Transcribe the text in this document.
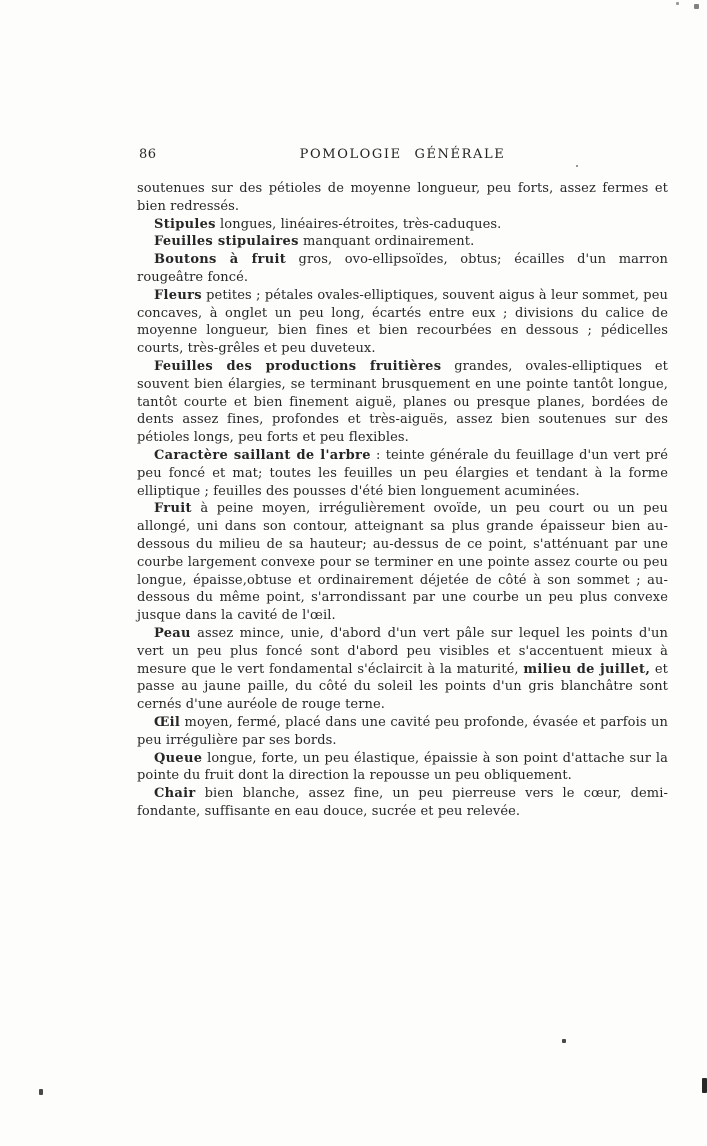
86	POMOLOGIE GÉNÉRALE

soutenues sur des pétioles de moyenne longueur, peu forts, assez fermes et bien redressés.

Stipules longues, linéaires-étroites, très-caduques.

Feuilles stipulaires manquant ordinairement.

Boutons à fruit gros, ovo-ellipsoïdes, obtus; écailles d'un marron rougeâtre foncé.

Fleurs petites ; pétales ovales-elliptiques, souvent aigus à leur sommet, peu concaves, à onglet un peu long, écartés entre eux ; divisions du calice de moyenne longueur, bien fines et bien recourbées en dessous ; pédicelles courts, très-grêles et peu duveteux.

Feuilles des productions fruitières grandes, ovales-elliptiques et souvent bien élargies, se terminant brusquement en une pointe tantôt longue, tantôt courte et bien finement aiguë, planes ou presque planes, bordées de dents assez fines, profondes et très-aiguës, assez bien soutenues sur des pétioles longs, peu forts et peu flexibles.

Caractère saillant de l'arbre : teinte générale du feuillage d'un vert pré peu foncé et mat; toutes les feuilles un peu élargies et tendant à la forme elliptique ; feuilles des pousses d'été bien longuement acuminées.

Fruit à peine moyen, irrégulièrement ovoïde, un peu court ou un peu allongé, uni dans son contour, atteignant sa plus grande épaisseur bien au-dessous du milieu de sa hauteur; au-dessus de ce point, s'atténuant par une courbe largement convexe pour se terminer en une pointe assez courte ou peu longue, épaisse,obtuse et ordinairement déjetée de côté à son sommet ; au-dessous du même point, s'arrondissant par une courbe un peu plus convexe jusque dans la cavité de l'œil.

Peau assez mince, unie, d'abord d'un vert pâle sur lequel les points d'un vert un peu plus foncé sont d'abord peu visibles et s'accentuent mieux à mesure que le vert fondamental s'éclaircit à la maturité, milieu de juillet, et passe au jaune paille, du côté du soleil les points d'un gris blanchâtre sont cernés d'une auréole de rouge terne.

Œil moyen, fermé, placé dans une cavité peu profonde, évasée et parfois un peu irrégulière par ses bords.

Queue longue, forte, un peu élastique, épaissie à son point d'attache sur la pointe du fruit dont la direction la repousse un peu obliquement.

Chair bien blanche, assez fine, un peu pierreuse vers le cœur, demi-fondante, suffisante en eau douce, sucrée et peu relevée.
